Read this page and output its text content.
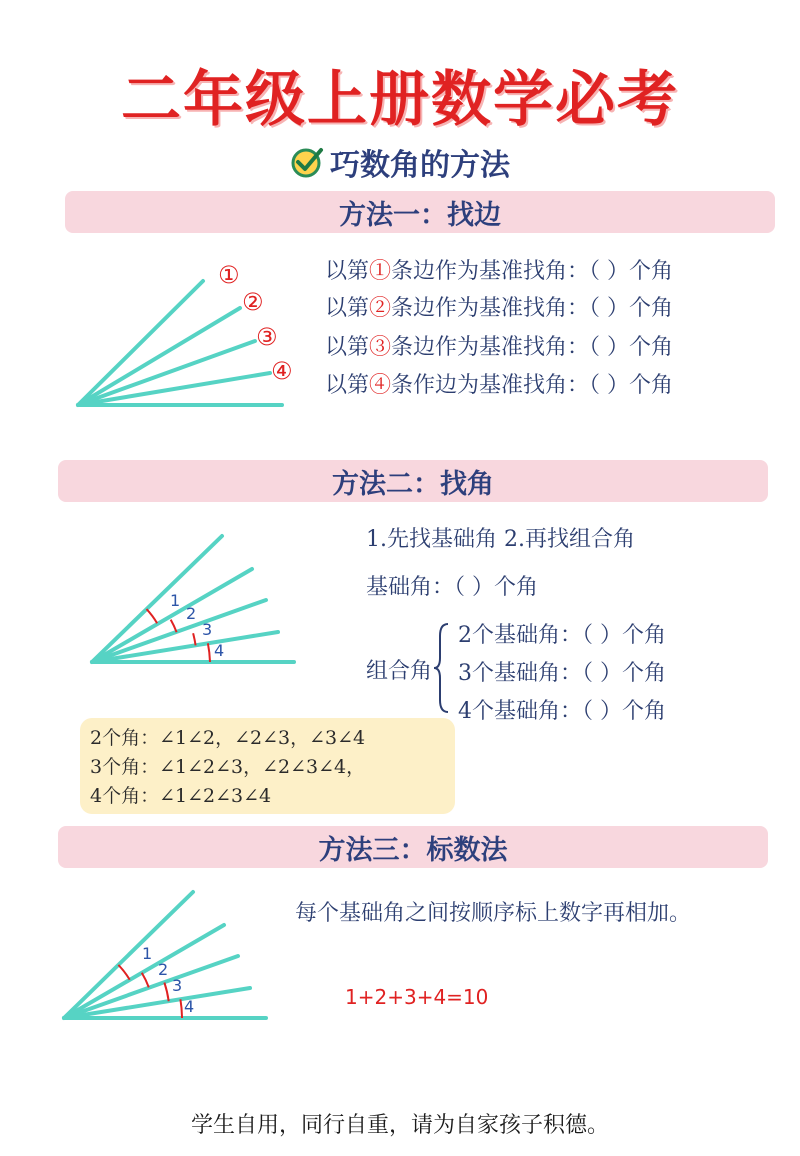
二年级上册数学必考
巧数角的方法
方法一：找边
①
②
③
④
以第①条边作为基准找角：（ ）个角
以第②条边作为基准找角：（ ）个角
以第③条边作为基准找角：（ ）个角
以第④条作边为基准找角：（ ）个角
方法二：找角
1
2
3
4
1.先找基础角 2.再找组合角
基础角：（ ）个角
组合角
2个基础角：（ ）个角
3个基础角：（ ）个角
4个基础角：（ ）个角
2个角：∠1∠2，∠2∠3，∠3∠4
3个角：∠1∠2∠3，∠2∠3∠4，
4个角：∠1∠2∠3∠4
方法三：标数法
1
2
3
4
每个基础角之间按顺序标上数字再相加。
1+2+3+4=10
学生自用，同行自重，请为自家孩子积德。
